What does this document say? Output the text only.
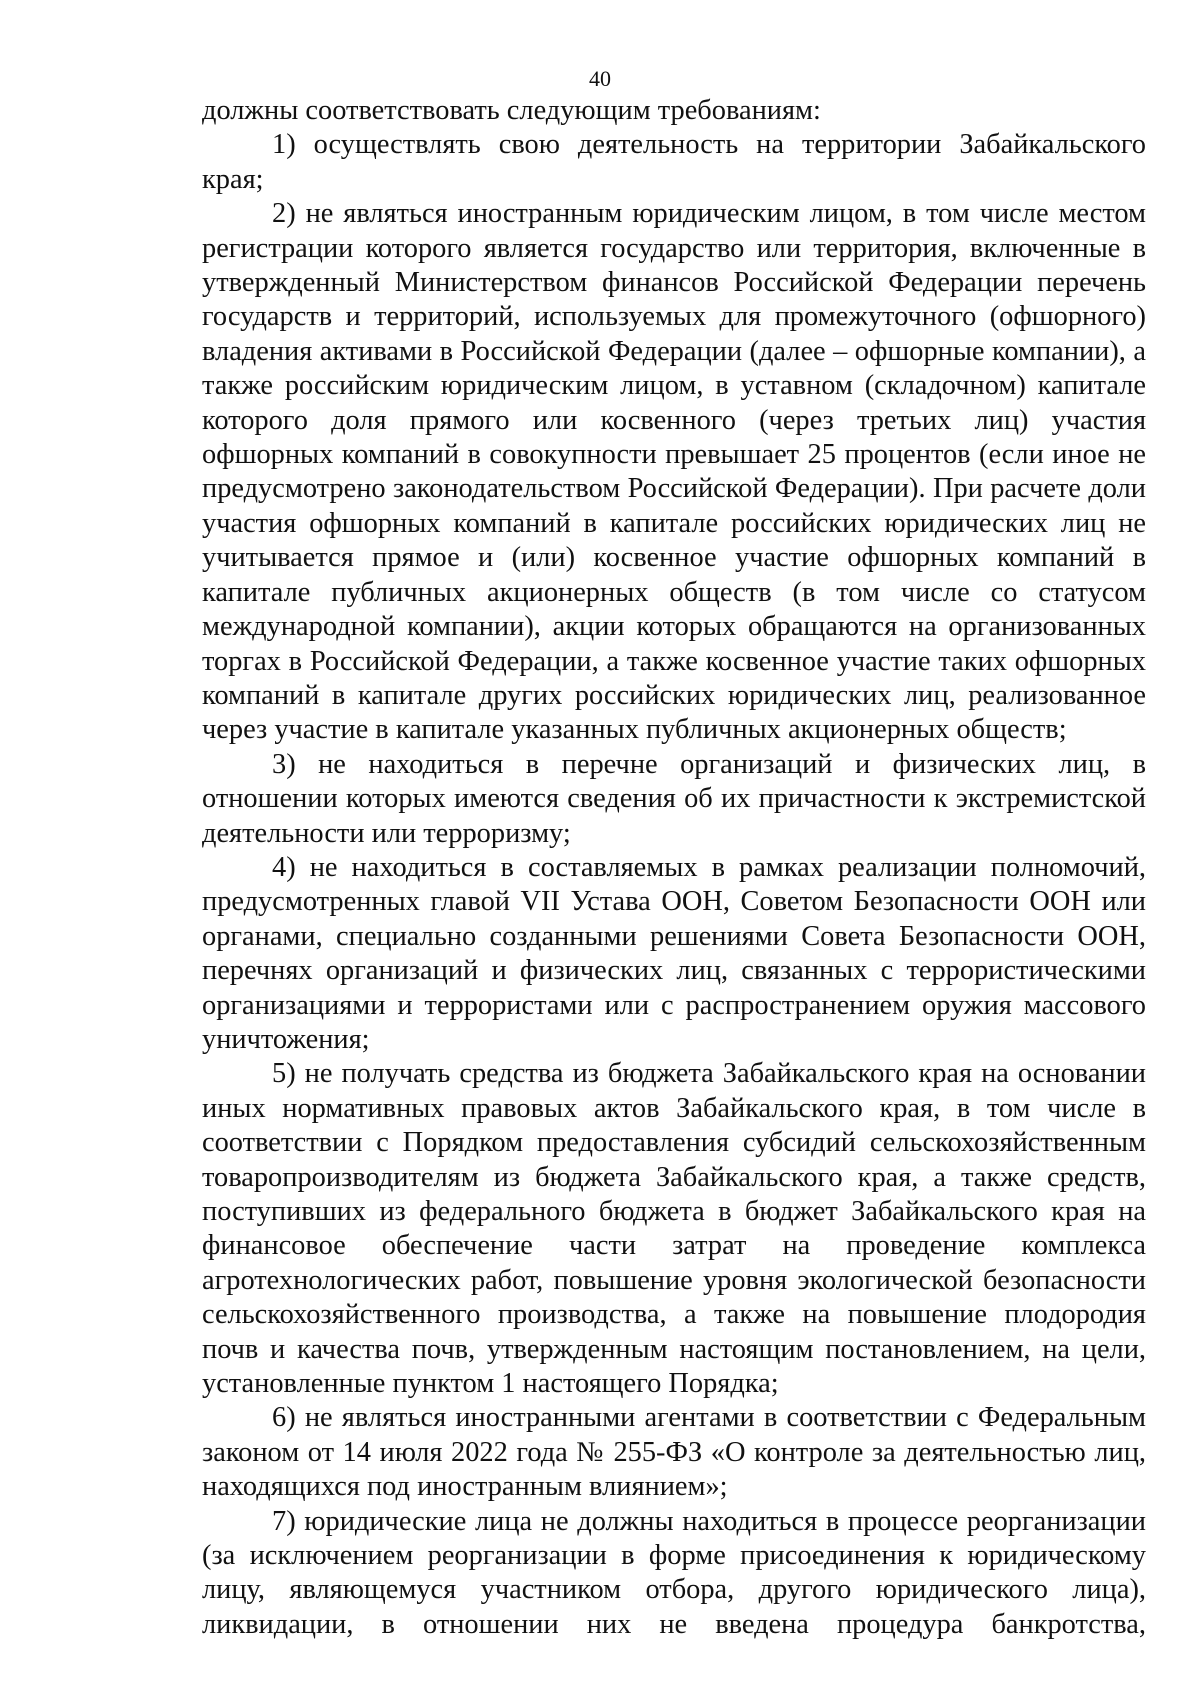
40

должны соответствовать следующим требованиям:

1) осуществлять свою деятельность на территории Забайкальского края;

2) не являться иностранным юридическим лицом, в том числе местом регистрации которого является государство или территория, включенные в утвержденный Министерством финансов Российской Федерации перечень государств и территорий, используемых для промежуточного (офшорного) владения активами в Российской Федерации (далее – офшорные компании), а также российским юридическим лицом, в уставном (складочном) капитале которого доля прямого или косвенного (через третьих лиц) участия офшорных компаний в совокупности превышает 25 процентов (если иное не предусмотрено законодательством Российской Федерации). При расчете доли участия офшорных компаний в капитале российских юридических лиц не учитывается прямое и (или) косвенное участие офшорных компаний в капитале публичных акционерных обществ (в том числе со статусом международной компании), акции которых обращаются на организованных торгах в Российской Федерации, а также косвенное участие таких офшорных компаний в капитале других российских юридических лиц, реализованное через участие в капитале указанных публичных акционерных обществ;

3) не находиться в перечне организаций и физических лиц, в отношении которых имеются сведения об их причастности к экстремистской деятельности или терроризму;

4) не находиться в составляемых в рамках реализации полномочий, предусмотренных главой VII Устава ООН, Советом Безопасности ООН или органами, специально созданными решениями Совета Безопасности ООН, перечнях организаций и физических лиц, связанных с террористическими организациями и террористами или с распространением оружия массового уничтожения;

5) не получать средства из бюджета Забайкальского края на основании иных нормативных правовых актов Забайкальского края, в том числе в соответствии с Порядком предоставления субсидий сельскохозяйственным товаропроизводителям из бюджета Забайкальского края, а также средств, поступивших из федерального бюджета в бюджет Забайкальского края на финансовое обеспечение части затрат на проведение комплекса агротехнологических работ, повышение уровня экологической безопасности сельскохозяйственного производства, а также на повышение плодородия почв и качества почв, утвержденным настоящим постановлением, на цели, установленные пунктом 1 настоящего Порядка;

6) не являться иностранными агентами в соответствии с Федеральным законом от 14 июля 2022 года № 255-ФЗ «О контроле за деятельностью лиц, находящихся под иностранным влиянием»;

7) юридические лица не должны находиться в процессе реорганизации (за исключением реорганизации в форме присоединения к юридическому лицу, являющемуся участником отбора, другого юридического лица), ликвидации, в отношении них не введена процедура банкротства,
